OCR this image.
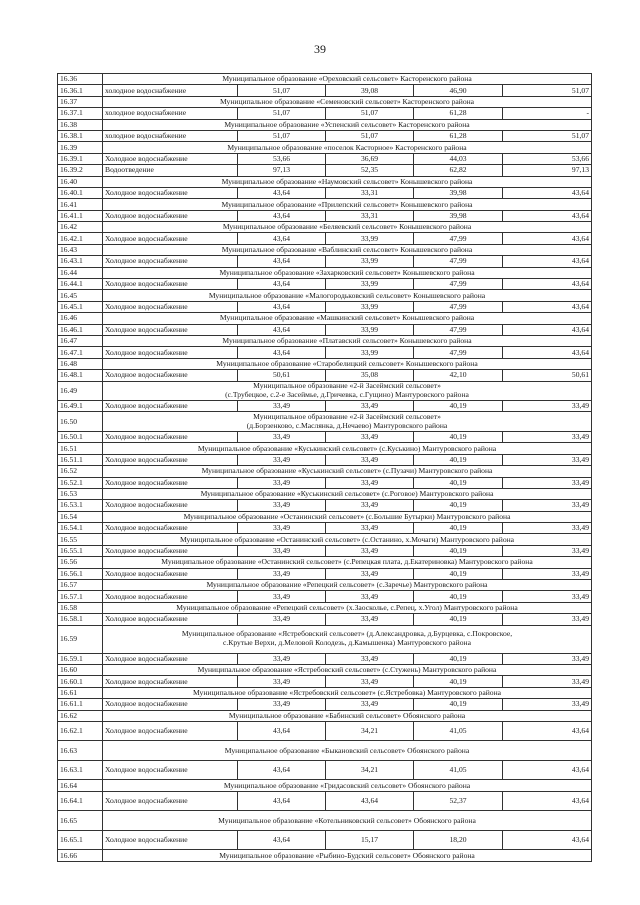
39
16.36	Муниципальное образование «Ореховский сельсовет» Касторенского района				
16.36.1	холодное водоснабжение	51,07	39,08	46,90	51,07
16.37	Муниципальное образование «Семеновский сельсовет» Касторенского района				
16.37.1	холодное водоснабжение	51,07	51,07	61,28	-
16.38	Муниципальное образование «Успенский сельсовет» Касторенского района				
16.38.1	холодное водоснабжение	51,07	51,07	61,28	51,07
16.39	Муниципальное образование «поселок Касторное» Касторенского района				
16.39.1	Холодное водоснабжение	53,66	36,69	44,03	53,66
16.39.2	Водоотведение	97,13	52,35	62,82	97,13
16.40	Муниципальное образование «Наумовский сельсовет» Конышевского района				
16.40.1	Холодное водоснабжение	43,64	33,31	39,98	43,64
16.41	Муниципальное образование «Прилепский сельсовет» Конышевского района				
16.41.1	Холодное водоснабжение	43,64	33,31	39,98	43,64
16.42	Муниципальное образование «Беляевский сельсовет» Конышевского района				
16.42.1	Холодное водоснабжение	43,64	33,99	47,99	43,64
16.43	Муниципальное образование «Ваблинский сельсовет» Конышевского района				
16.43.1	Холодное водоснабжение	43,64	33,99	47,99	43,64
16.44	Муниципальное образование «Захарковский сельсовет» Конышевского района				
16.44.1	Холодное водоснабжение	43,64	33,99	47,99	43,64
16.45	Муниципальное образование «Малогородьковский сельсовет» Конышевского района				
16.45.1	Холодное водоснабжение	43,64	33,99	47,99	43,64
16.46	Муниципальное образование «Машкинский сельсовет» Конышевского района				
16.46.1	Холодное водоснабжение	43,64	33,99	47,99	43,64
16.47	Муниципальное образование «Платавский сельсовет» Конышевского района				
16.47.1	Холодное водоснабжение	43,64	33,99	47,99	43,64
16.48	Муниципальное образование «Старобелицкий сельсовет» Конышевского района				
16.48.1	Холодное водоснабжение	50,61	35,08	42,10	50,61
16.49	Муниципальное образование «2-й Засеймский сельсовет»
(с.Трубецкое, с.2-е Засеймье, д.Гричевка, с.Гущино) Мантуровского района				

16.49.1	Холодное водоснабжение	33,49	33,49	40,19	33,49
16.50	Муниципальное образование «2-й Засеймский сельсовет»
(д.Борзенково, с.Маслянка, д.Нечаево) Мантуровского района				

16.50.1	Холодное водоснабжение	33,49	33,49	40,19	33,49
16.51	Муниципальное образование «Куськинский сельсовет» (с.Куськино) Мантуровского района				
16.51.1	Холодное водоснабжение	33,49	33,49	40,19	33,49
16.52	Муниципальное образование «Куськинский сельсовет» (с.Пузачи) Мантуровского района				
16.52.1	Холодное водоснабжение	33,49	33,49	40,19	33,49
16.53	Муниципальное образование «Куськинский сельсовет» (с.Роговое) Мантуровского района				
16.53.1	Холодное водоснабжение	33,49	33,49	40,19	33,49
16.54	Муниципальное образование «Останинский сельсовет» (с.Большие Бутырки) Мантуровского района				
16.54.1	Холодное водоснабжение	33,49	33,49	40,19	33,49
16.55	Муниципальное образование «Останинский сельсовет» (с.Останино, х.Мочаги) Мантуровского района				
16.55.1	Холодное водоснабжение	33,49	33,49	40,19	33,49
16.56	Муниципальное образование «Останинский сельсовет» (с.Репецкая плата, д.Екатериновка) Мантуровского района				
16.56.1	Холодное водоснабжение	33,49	33,49	40,19	33,49
16.57	Муниципальное образование «Репецкий сельсовет» (с.Заречье) Мантуровского района				
16.57.1	Холодное водоснабжение	33,49	33,49	40,19	33,49
16.58	Муниципальное образование «Репецкий сельсовет» (х.Заосколье, с.Репец, х.Угол) Мантуровского района				
16.58.1	Холодное водоснабжение	33,49	33,49	40,19	33,49
16.59	Муниципальное образование «Ястребовский сельсовет» (д.Александровка, д.Бурцевка, с.Покровское,
с.Крутые Верхи, д.Меловой Колодезь, д.Камышенка) Мантуровского района				

16.59.1	Холодное водоснабжение	33,49	33,49	40,19	33,49
16.60	Муниципальное образование «Ястребовский сельсовет» (с.Стужень) Мантуровского района				
16.60.1	Холодное водоснабжение	33,49	33,49	40,19	33,49
16.61	Муниципальное образование «Ястребовский сельсовет» (с.Ястребовка) Мантуровского района				
16.61.1	Холодное водоснабжение	33,49	33,49	40,19	33,49
16.62	Муниципальное образование «Бабинский сельсовет» Обоянского района				
16.62.1	Холодное водоснабжение	43,64	34,21	41,05	43,64
16.63	Муниципальное образование «Быкановский сельсовет» Обоянского района				
16.63.1	Холодное водоснабжение	43,64	34,21	41,05	43,64
16.64	Муниципальное образование «Гридасовский сельсовет» Обоянского района				
16.64.1	Холодное водоснабжение	43,64	43,64	52,37	43,64
16.65	Муниципальное образование «Котельниковский сельсовет» Обоянского района				
16.65.1	Холодное водоснабжение	43,64	15,17	18,20	43,64
16.66	Муниципальное образование «Рыбино-Будский сельсовет» Обоянского района				
